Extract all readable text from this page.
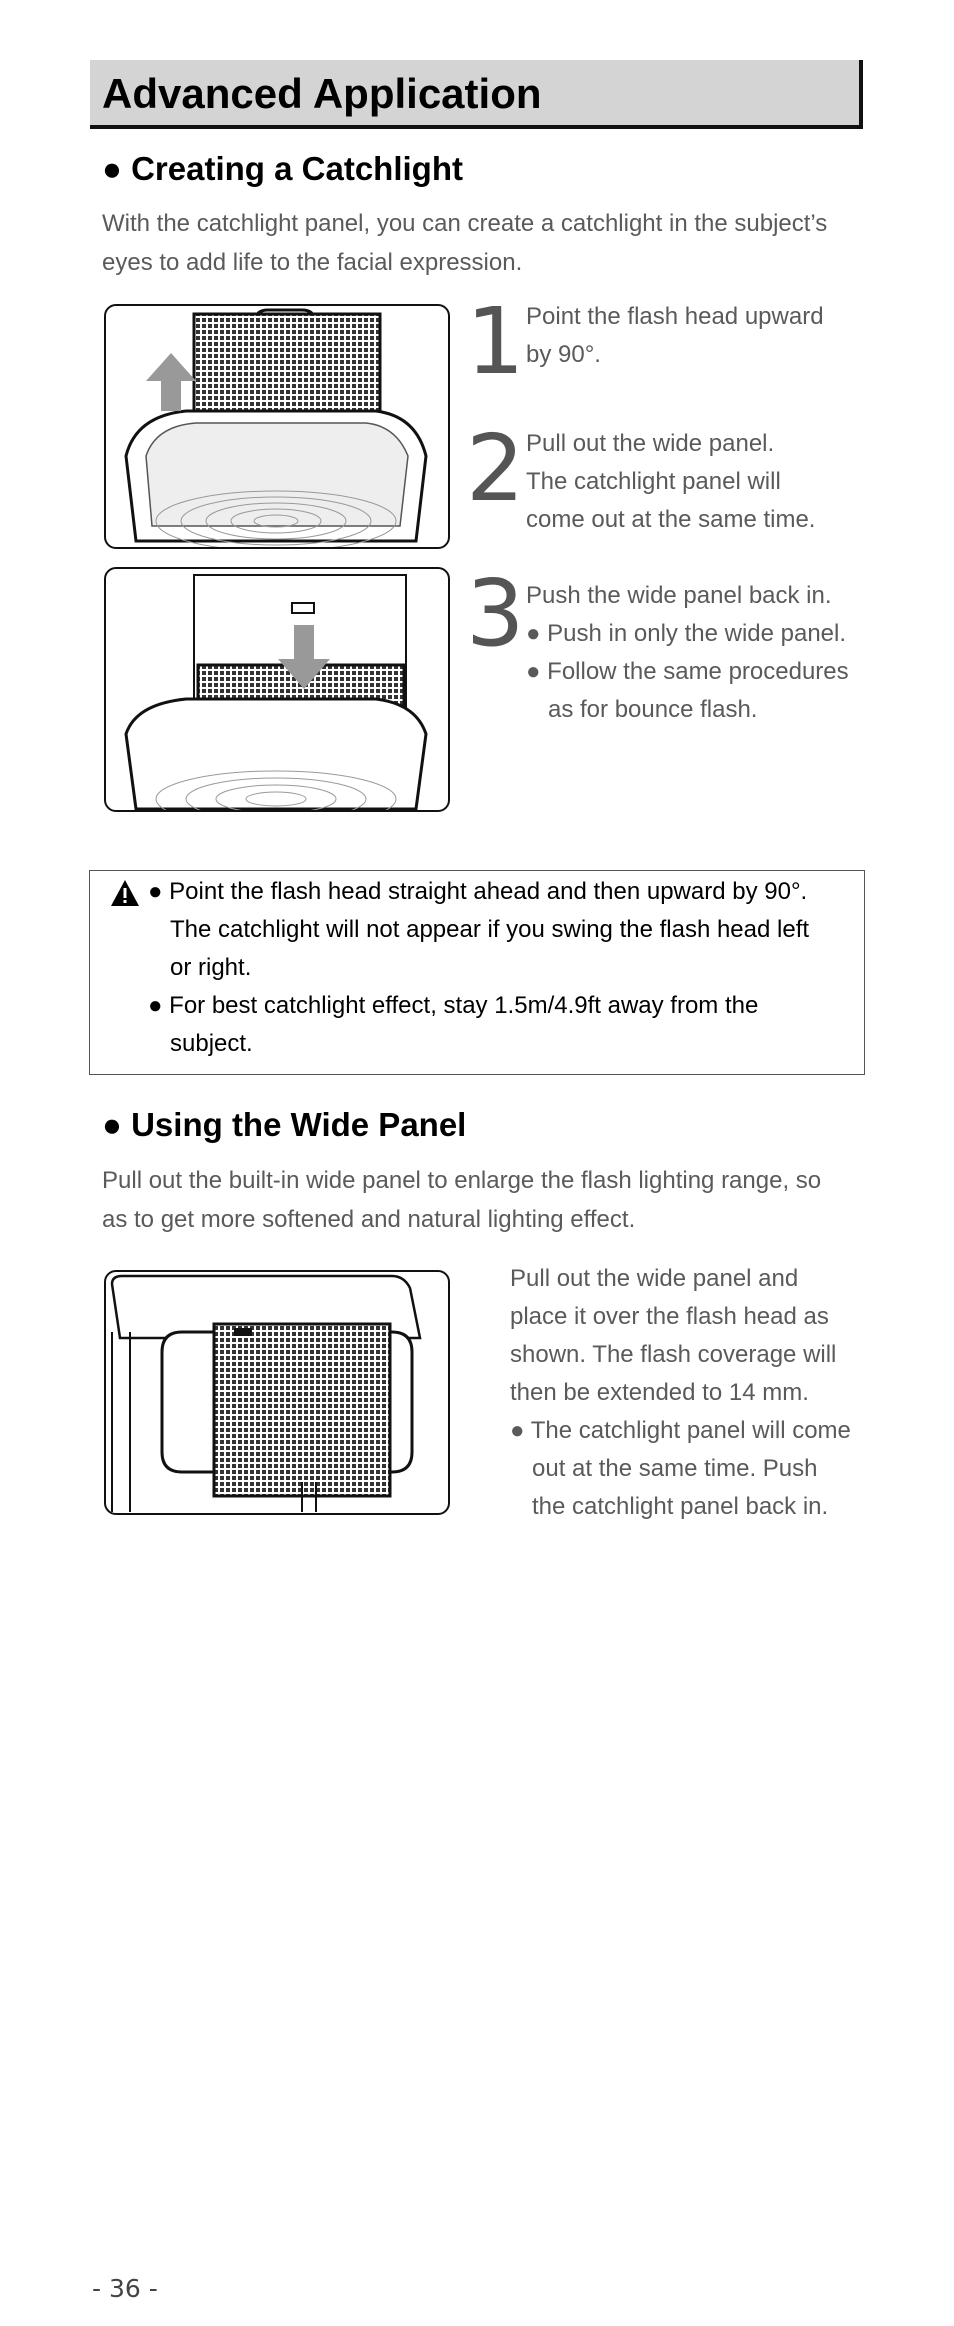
Advanced Application
● Creating a Catchlight
With the catchlight panel, you can create a catchlight in the subject’s
eyes to add life to the facial expression.
1 Point the flash head upward
by 90°.
2 Pull out the wide panel.
The catchlight panel will
come out at the same time.
3 Push the wide panel back in.
● Push in only the wide panel.
● Follow the same procedures
as for bounce flash.
● Point the flash head straight ahead and then upward by 90°.
The catchlight will not appear if you swing the flash head left
or right.
● For best catchlight effect, stay 1.5m/4.9ft away from the
subject.
● Using the Wide Panel
Pull out the built-in wide panel to enlarge the flash lighting range, so
as to get more softened and natural lighting effect.
Pull out the wide panel and
place it over the flash head as
shown. The flash coverage will
then be extended to 14 mm.
● The catchlight panel will come
out at the same time. Push
the catchlight panel back in.
- 36 -
